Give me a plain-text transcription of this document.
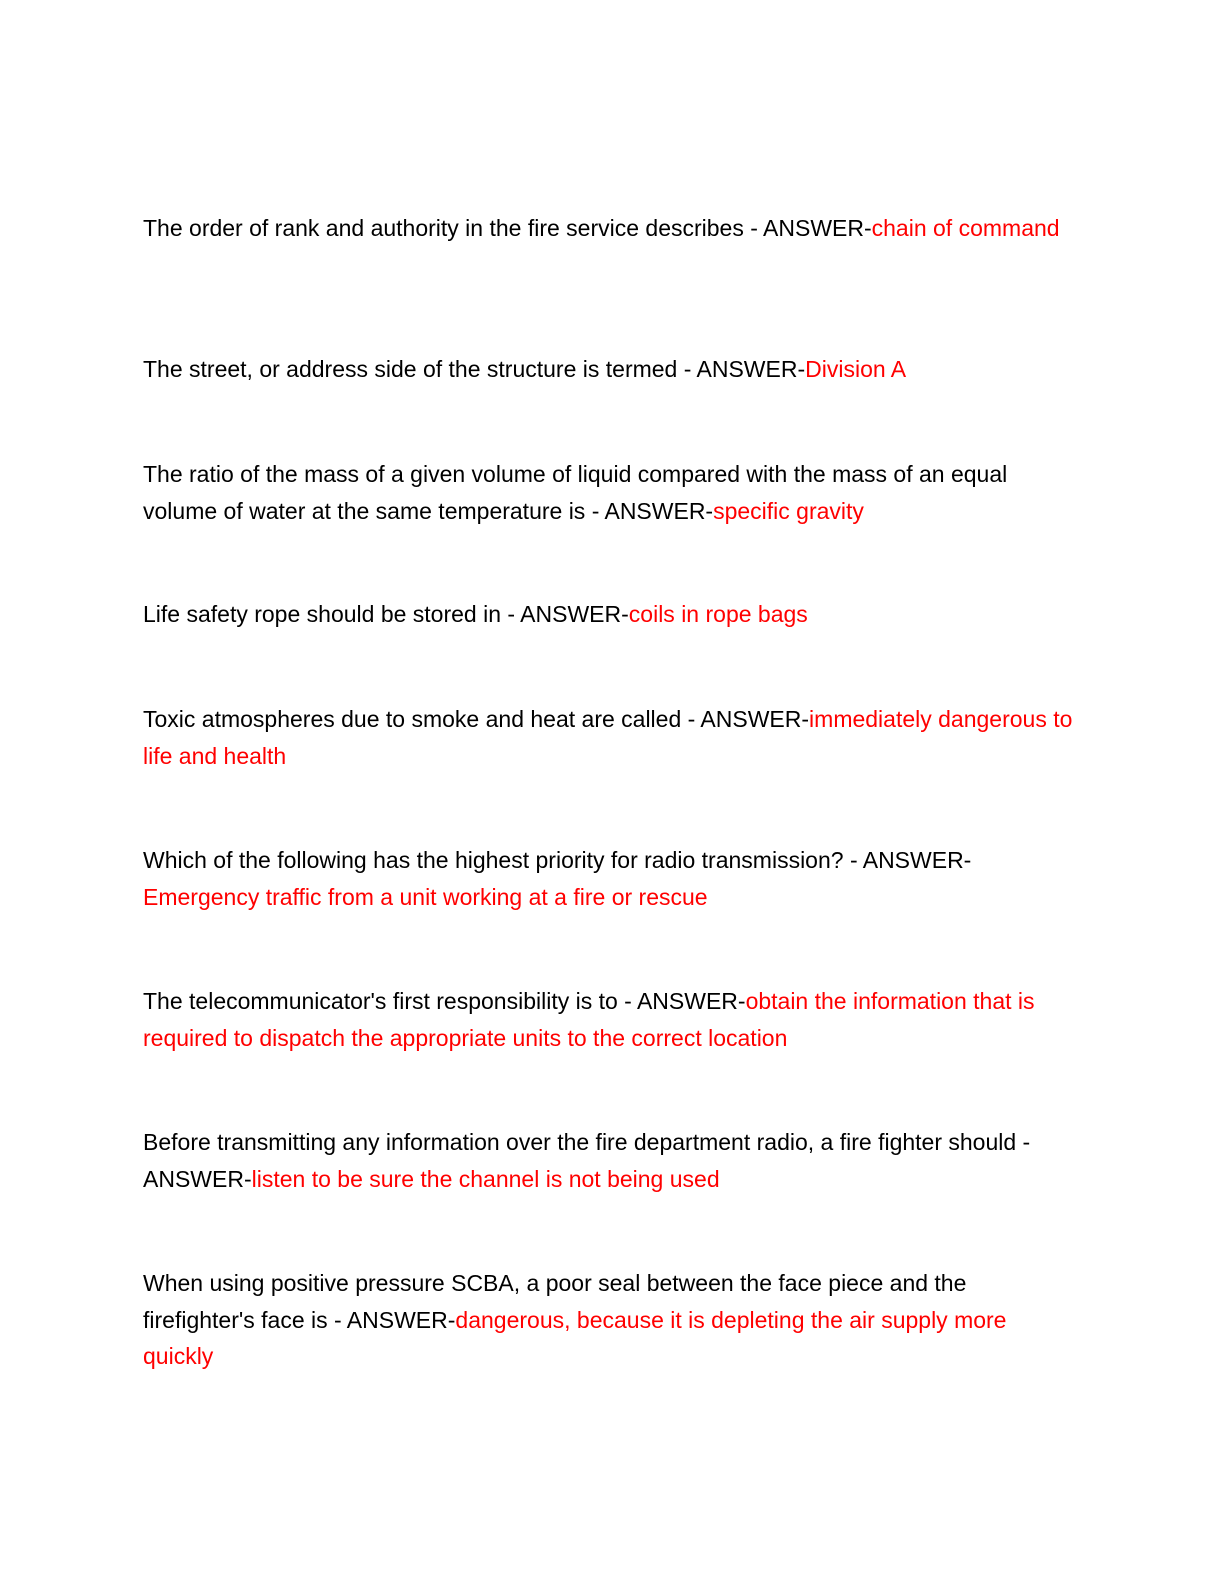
The order of rank and authority in the fire service describes - ANSWER-chain of command

The street, or address side of the structure is termed - ANSWER-Division A

The ratio of the mass of a given volume of liquid compared with the mass of an equal volume of water at the same temperature is - ANSWER-specific gravity

Life safety rope should be stored in - ANSWER-coils in rope bags

Toxic atmospheres due to smoke and heat are called - ANSWER-immediately dangerous to life and health

Which of the following has the highest priority for radio transmission? - ANSWER-Emergency traffic from a unit working at a fire or rescue

The telecommunicator's first responsibility is to - ANSWER-obtain the information that is required to dispatch the appropriate units to the correct location

Before transmitting any information over the fire department radio, a fire fighter should - ANSWER-listen to be sure the channel is not being used

When using positive pressure SCBA, a poor seal between the face piece and the firefighter's face is - ANSWER-dangerous, because it is depleting the air supply more quickly
